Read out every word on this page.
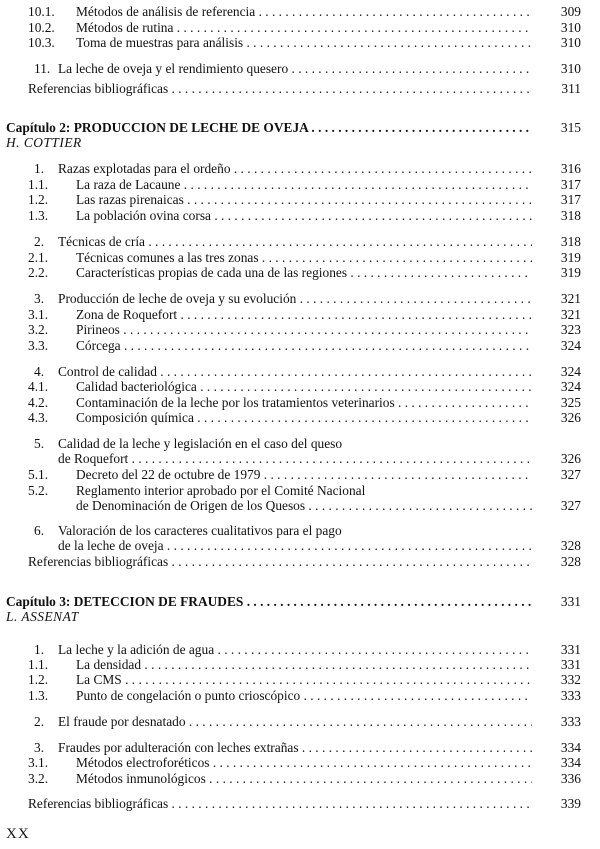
10.1. Métodos de análisis de referencia . . .	309
10.2. Métodos de rutina . . .	310
10.3. Toma de muestras para análisis . . .	310
11. La leche de oveja y el rendimiento quesero . . .	310
Referencias bibliográficas . . .	311
Capítulo 2: PRODUCCION DE LECHE DE OVEJA . . .	315
H. COTTIER
1. Razas explotadas para el ordeño . . .	316
1.1. La raza de Lacaune . . .	317
1.2. Las razas pirenaicas . . .	317
1.3. La población ovina corsa . . .	318
2. Técnicas de cría . . .	318
2.1. Técnicas comunes a las tres zonas . . .	319
2.2. Características propias de cada una de las regiones . . .	319
3. Producción de leche de oveja y su evolución . . .	321
3.1. Zona de Roquefort . . .	321
3.2. Pirineos . . .	323
3.3. Córcega . . .	324
4. Control de calidad . . .	324
4.1. Calidad bacteriológica . . .	324
4.2. Contaminación de la leche por los tratamientos veterinarios . . .	325
4.3. Composición química . . .	326
5. Calidad de la leche y legislación en el caso del queso
de Roquefort . . .	326
5.1. Decreto del 22 de octubre de 1979 . . .	327
5.2. Reglamento interior aprobado por el Comité Nacional
de Denominación de Origen de los Quesos . . .	327
6. Valoración de los caracteres cualitativos para el pago
de la leche de oveja . . .	328
Referencias bibliográficas . . .	328
Capítulo 3: DETECCION DE FRAUDES . . .	331
L. ASSENAT
1. La leche y la adición de agua . . .	331
1.1. La densidad . . .	331
1.2. La CMS . . .	332
1.3. Punto de congelación o punto crioscópico . . .	333
2. El fraude por desnatado . . .	333
3. Fraudes por adulteración con leches extrañas . . .	334
3.1. Métodos electroforéticos . . .	334
3.2. Métodos inmunológicos . . .	336
Referencias bibliográficas . . .	339
XX
